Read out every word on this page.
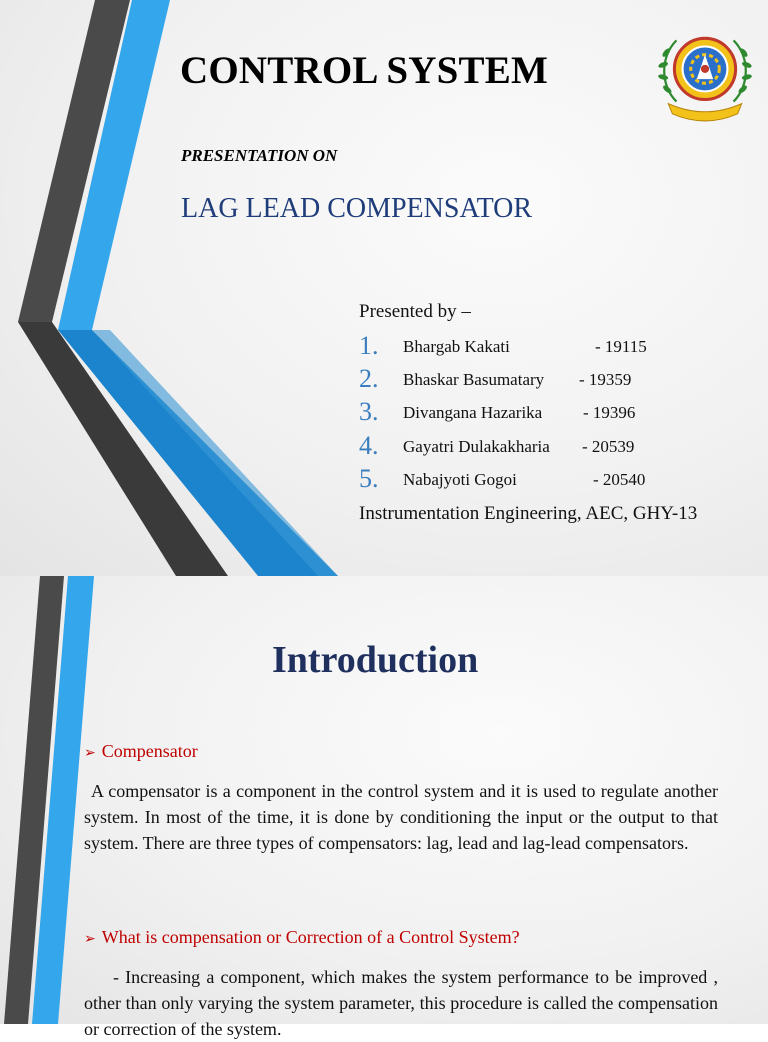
CONTROL SYSTEM
PRESENTATION ON
LAG LEAD COMPENSATOR
Presented by –
1. Bhargab Kakati	- 19115
2. Bhaskar Basumatary - 19359
3. Divangana Hazarika - 19396
4. Gayatri Dulakakharia - 20539
5. Nabajyoti Gogoi	- 20540
Instrumentation Engineering, AEC, GHY-13
Introduction
➢ Compensator
A compensator is a component in the control system and it is used to regulate another system. In most of the time, it is done by conditioning the input or the output to that system. There are three types of compensators: lag, lead and lag-lead compensators.
➢ What is compensation or Correction of a Control System?
- Increasing a component, which makes the system performance to be improved , other than only varying the system parameter, this procedure is called the compensation or correction of the system.
